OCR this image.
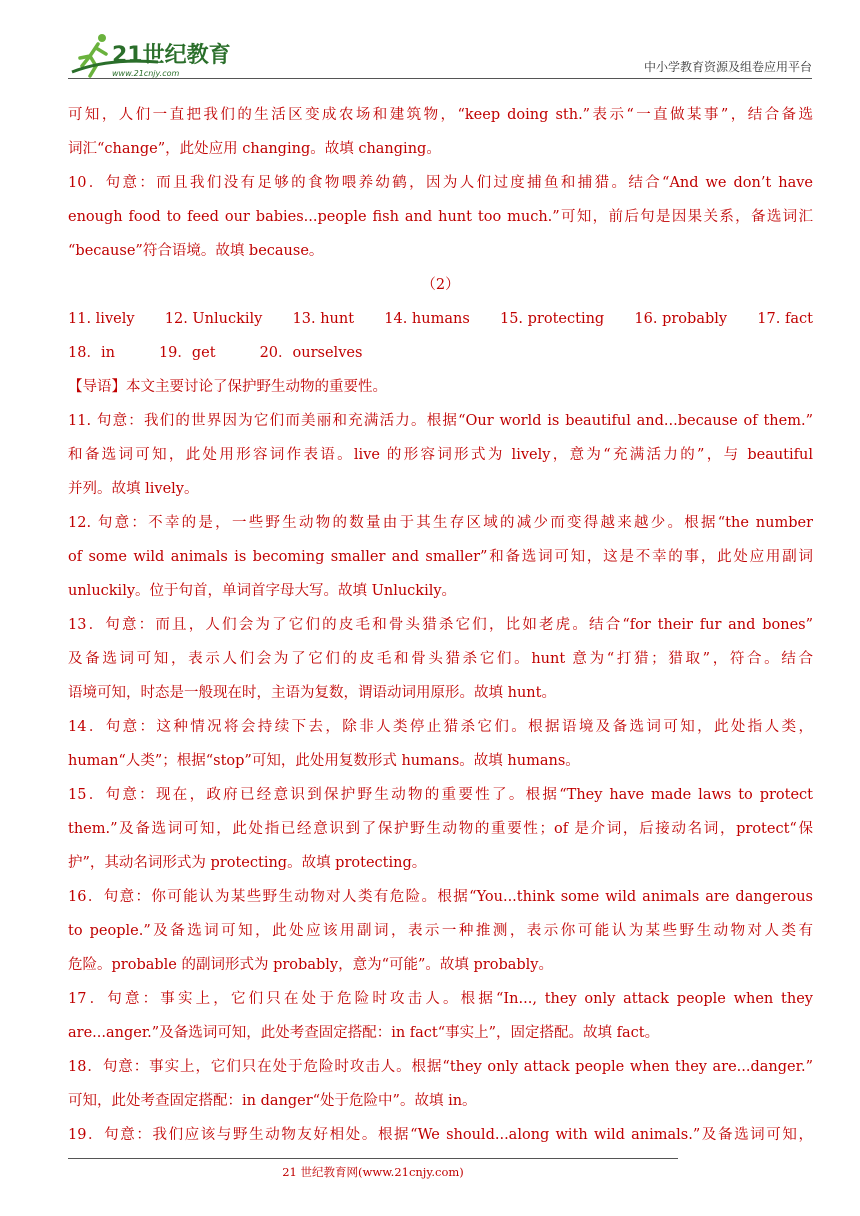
21世纪教育
www.21cnjy.com	中小学教育资源及组卷应用平台
可知，人们一直把我们的生活区变成农场和建筑物，“keep doing sth.”表示“一直做某事”，结合备选
词汇“change”，此处应用 changing。故填 changing。
10．句意：而且我们没有足够的食物喂养幼鹤，因为人们过度捕鱼和捕猎。结合“And we don’t have
enough food to feed our babies...people fish and hunt too much.”可知，前后句是因果关系，备选词汇
“because”符合语境。故填 because。
（2）
11. lively 12. Unluckily 13. hunt 14. humans 15. protecting 16. probably 17. fact
18．in	19．get	20．ourselves
【导语】本文主要讨论了保护野生动物的重要性。
11. 句意：我们的世界因为它们而美丽和充满活力。根据“Our world is beautiful and...because of them.”
和备选词可知，此处用形容词作表语。live 的形容词形式为 lively，意为“充满活力的”，与 beautiful
并列。故填 lively。
12. 句意：不幸的是，一些野生动物的数量由于其生存区域的减少而变得越来越少。根据“the number
of some wild animals is becoming smaller and smaller”和备选词可知，这是不幸的事，此处应用副词
unluckily。位于句首，单词首字母大写。故填 Unluckily。
13．句意：而且，人们会为了它们的皮毛和骨头猎杀它们，比如老虎。结合“for their fur and bones”
及备选词可知，表示人们会为了它们的皮毛和骨头猎杀它们。hunt 意为“打猎；猎取”，符合。结合
语境可知，时态是一般现在时，主语为复数，谓语动词用原形。故填 hunt。
14．句意：这种情况将会持续下去，除非人类停止猎杀它们。根据语境及备选词可知，此处指人类，
human“人类”；根据“stop”可知，此处用复数形式 humans。故填 humans。
15．句意：现在，政府已经意识到保护野生动物的重要性了。根据“They have made laws to protect
them.”及备选词可知，此处指已经意识到了保护野生动物的重要性；of 是介词，后接动名词，protect“保
护”，其动名词形式为 protecting。故填 protecting。
16．句意：你可能认为某些野生动物对人类有危险。根据“You...think some wild animals are dangerous
to people.”及备选词可知，此处应该用副词，表示一种推测，表示你可能认为某些野生动物对人类有
危险。probable 的副词形式为 probably，意为“可能”。故填 probably。
17．句意：事实上，它们只在处于危险时攻击人。根据“In..., they only attack people when they
are...anger.”及备选词可知，此处考查固定搭配：in fact“事实上”，固定搭配。故填 fact。
18．句意：事实上，它们只在处于危险时攻击人。根据“they only attack people when they are...danger.”
可知，此处考查固定搭配：in danger“处于危险中”。故填 in。
19．句意：我们应该与野生动物友好相处。根据“We should...along with wild animals.”及备选词可知，
21 世纪教育网(www.21cnjy.com)
